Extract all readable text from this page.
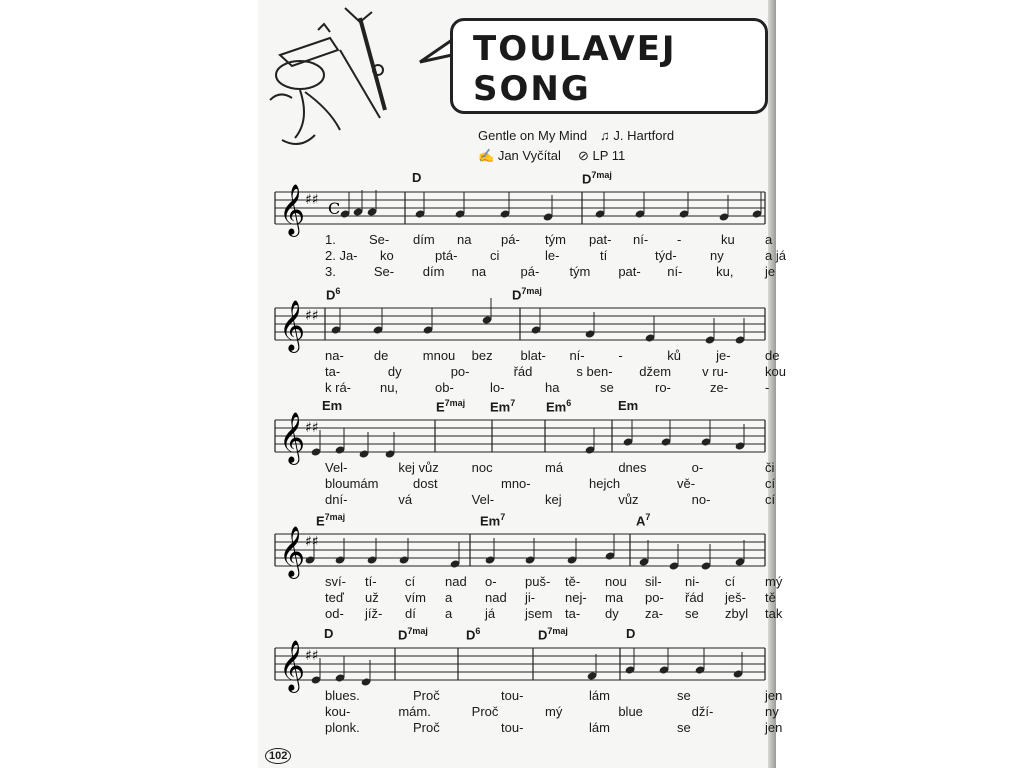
TOULAVEJ
SONG
Gentle on My Mind ♫ J. Hartford
✍ Jan Vyčítal ⊘ LP 11
𝄞 ♯♯ C
𝄞 ♯♯
𝄞 ♯♯
𝄞 ♯♯
𝄞 ♯♯
D	$D^{7maj}$
1.	Se- dím na pá- tým pat- ní- -	ku a
2. Ja- ko	ptá-	ci	le-	tí	týd-	ny	a já
3.	Se- dím na	pá- tým pat- ní-	ku, je
$D^6$	$D^{7maj}$
na- de	mnou bez blat- ní-	-	ků	je-	de
ta-	dy	po-	řád	s ben- džem v ru-	kou
k rá- nu,	ob-	lo-	ha	se	ro-	ze-	-
Em	$E^{7maj}$ Em$^7$ Em$^6$	Em
Vel-	kej vůz	noc	má	dnes	o-	či
bloumám	dost	mno-	hejch	vě-	cí
dní-	vá	Vel-	kej	vůz	no-	cí
$E^{7maj}$	Em$^7$	$A^7$
sví- tí- cí nad o- puš- tě- nou sil- ni- cí mý
teď už vím a	nad ji- nej- ma po- řád ješ- tě
od- jíž- dí a	já jsem ta- dy za- se zbyl tak
D	$D^{7maj}$	$D^6$	$D^{7maj}$	D
blues.	Proč	tou-	lám	se	jen
kou-	mám.	Proč	mý	blue	dží-	ny
plonk.	Proč	tou-	lám	se	jen
102
